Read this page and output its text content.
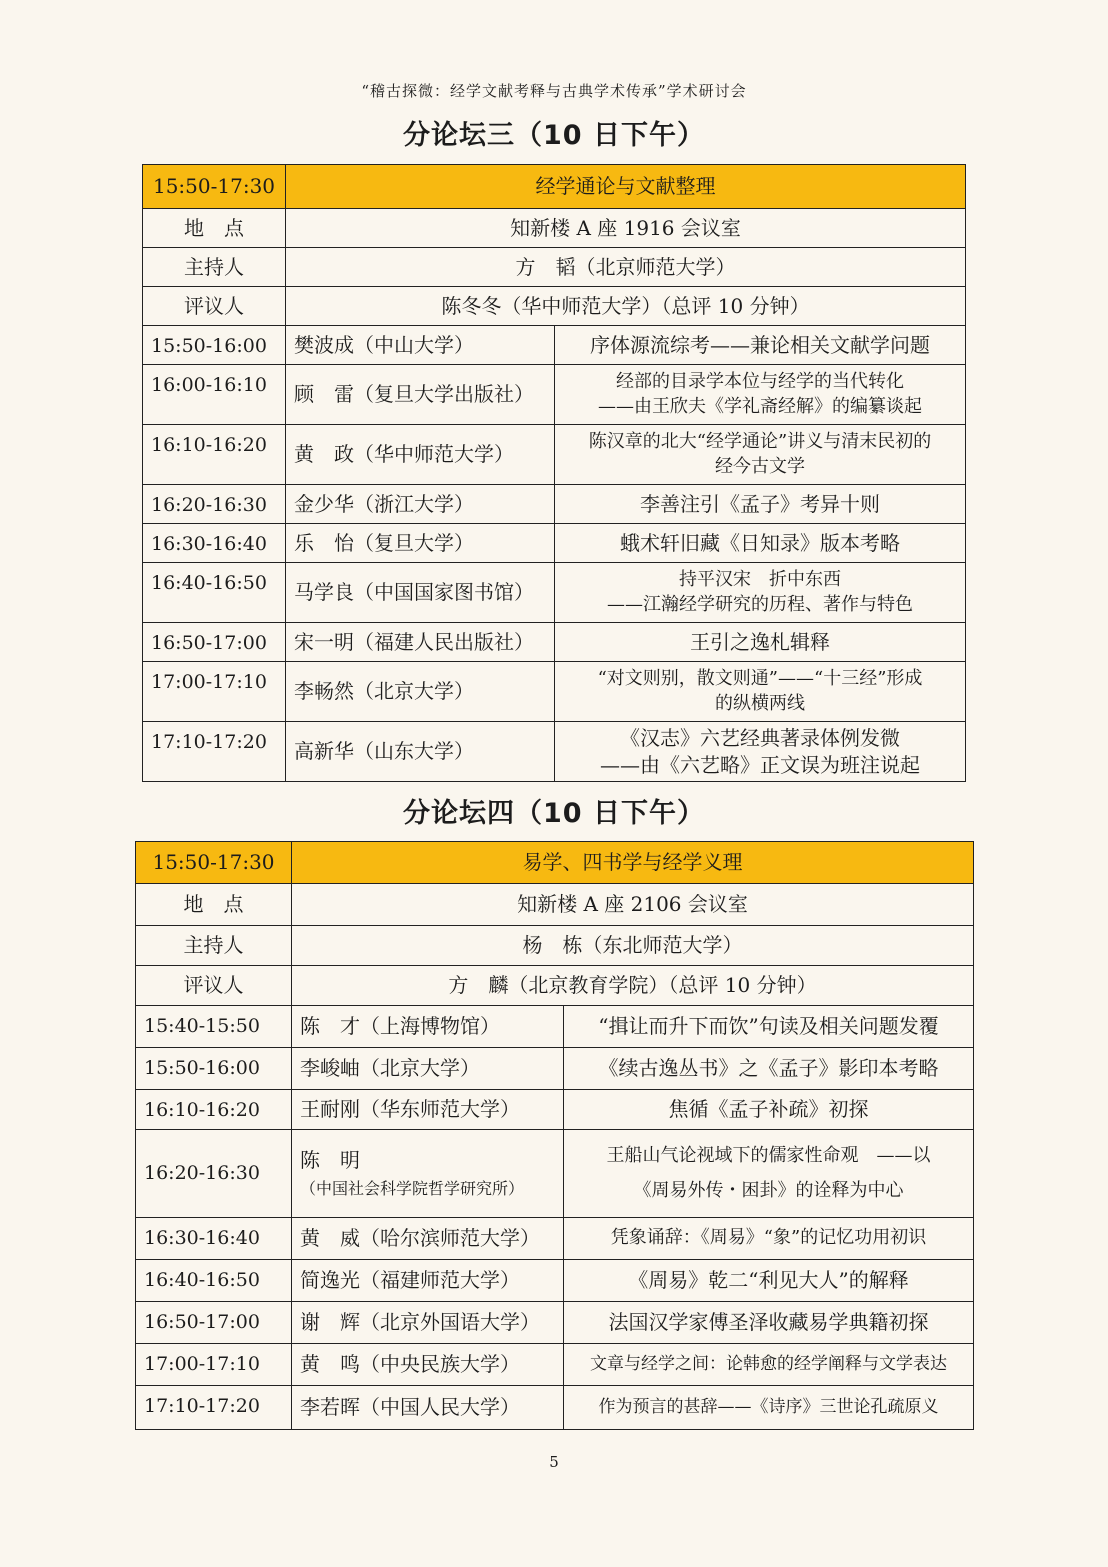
“稽古探微：经学文献考释与古典学术传承”学术研讨会
分论坛三（10 日下午）
15:50-17:30	经学通论与文献整理	
地　点	知新楼 A 座 1916 会议室	
主持人	方　韬（北京师范大学）	
评议人	陈冬冬（华中师范大学）（总评 10 分钟）	
15:50-16:00	樊波成（中山大学）	序体源流综考——兼论相关文献学问题
16:00-16:10	顾　雷（复旦大学出版社）	经部的目录学本位与经学的当代转化
——由王欣夫《学礼斋经解》的编纂谈起
16:10-16:20	黄　政（华中师范大学）	陈汉章的北大“经学通论”讲义与清末民初的
经今古文学
16:20-16:30	金少华（浙江大学）	李善注引《孟子》考异十则
16:30-16:40	乐　怡（复旦大学）	蛾术轩旧藏《日知录》版本考略
16:40-16:50	马学良（中国国家图书馆）	持平汉宋　折中东西
——江瀚经学研究的历程、著作与特色
16:50-17:00	宋一明（福建人民出版社）	王引之逸札辑释
17:00-17:10	李畅然（北京大学）	“对文则别，散文则通”——“十三经”形成
的纵横两线
17:10-17:20	高新华（山东大学）	《汉志》六艺经典著录体例发微
——由《六艺略》正文误为班注说起
分论坛四（10 日下午）
15:50-17:30	易学、四书学与经学义理	
地　点	知新楼 A 座 2106 会议室	
主持人	杨　栋（东北师范大学）	
评议人	方　麟（北京教育学院）（总评 10 分钟）	
15:40-15:50	陈　才（上海博物馆）	“揖让而升下而饮”句读及相关问题发覆
15:50-16:00	李峻岫（北京大学）	《续古逸丛书》之《孟子》影印本考略
16:10-16:20	王耐刚（华东师范大学）	焦循《孟子补疏》初探
16:20-16:30	陈　明
（中国社会科学院哲学研究所）	王船山气论视域下的儒家性命观　——以
《周易外传・困卦》的诠释为中心
16:30-16:40	黄　威（哈尔滨师范大学）	凭象诵辞：《周易》“象”的记忆功用初识
16:40-16:50	简逸光（福建师范大学）	《周易》乾二“利见大人”的解释
16:50-17:00	谢　辉（北京外国语大学）	法国汉学家傅圣泽收藏易学典籍初探
17:00-17:10	黄　鸣（中央民族大学）	文章与经学之间：论韩愈的经学阐释与文学表达
17:10-17:20	李若晖（中国人民大学）	作为预言的甚辞——《诗序》三世论孔疏原义
5
